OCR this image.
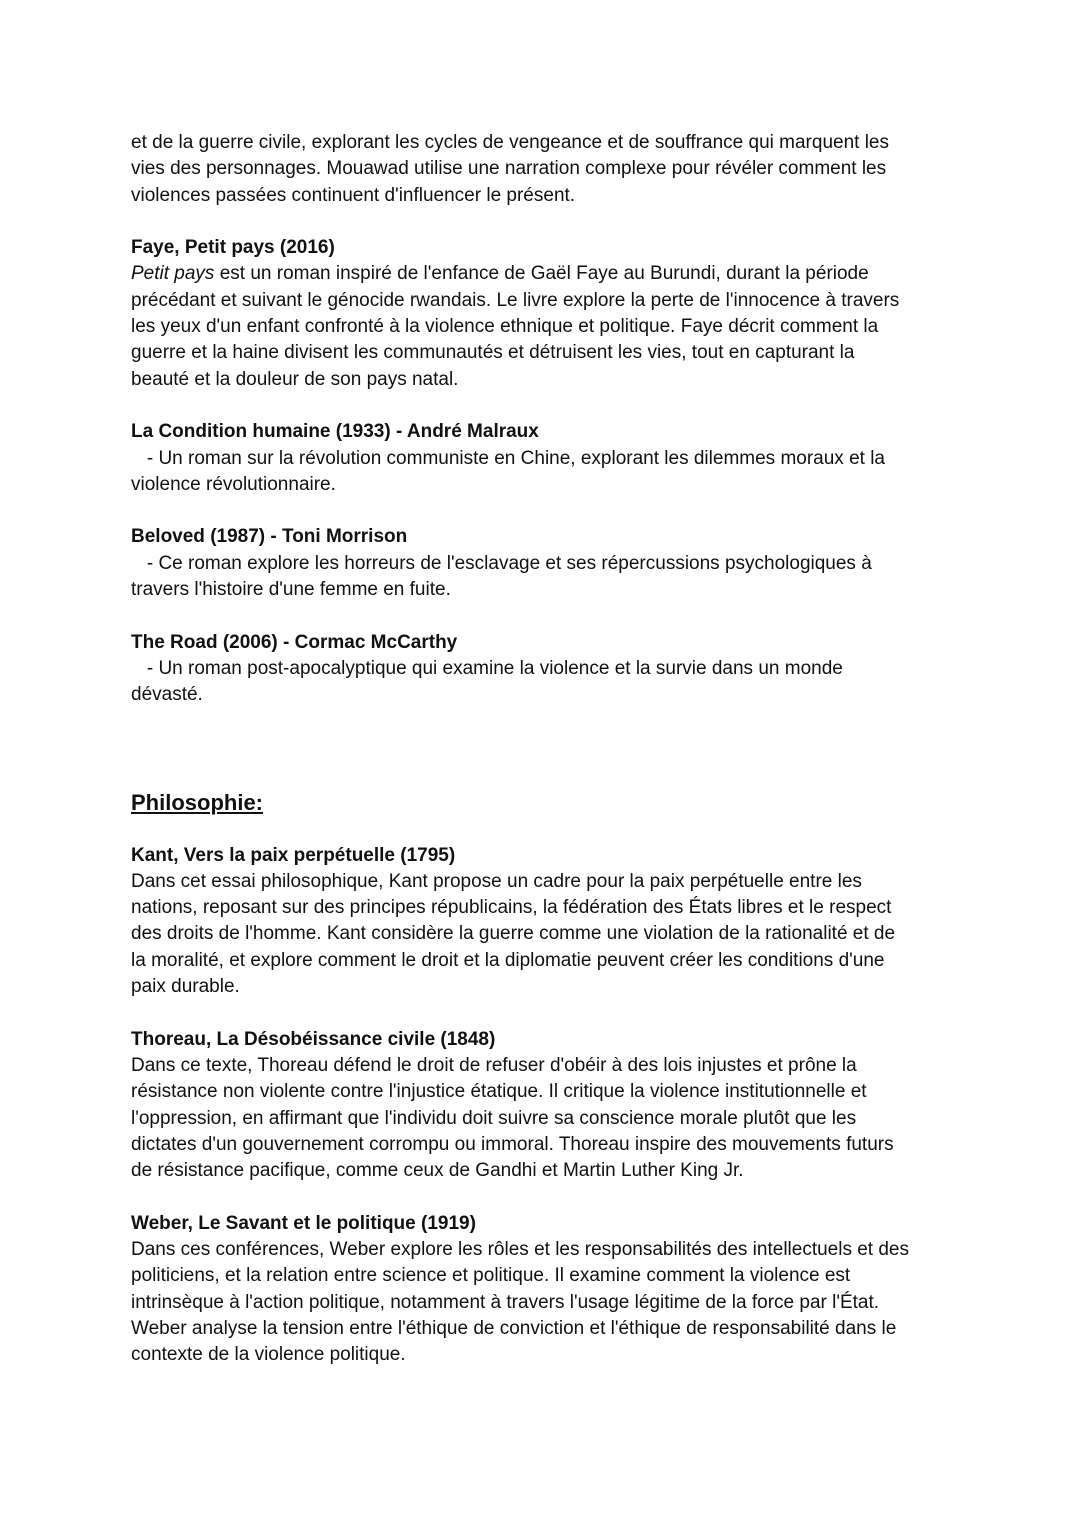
et de la guerre civile, explorant les cycles de vengeance et de souffrance qui marquent les
vies des personnages. Mouawad utilise une narration complexe pour révéler comment les
violences passées continuent d'influencer le présent.
Faye, Petit pays (2016)
Petit pays est un roman inspiré de l'enfance de Gaël Faye au Burundi, durant la période
précédant et suivant le génocide rwandais. Le livre explore la perte de l'innocence à travers
les yeux d'un enfant confronté à la violence ethnique et politique. Faye décrit comment la
guerre et la haine divisent les communautés et détruisent les vies, tout en capturant la
beauté et la douleur de son pays natal.
La Condition humaine (1933) - André Malraux
- Un roman sur la révolution communiste en Chine, explorant les dilemmes moraux et la
violence révolutionnaire.
Beloved (1987) - Toni Morrison
- Ce roman explore les horreurs de l'esclavage et ses répercussions psychologiques à
travers l'histoire d'une femme en fuite.
The Road (2006) - Cormac McCarthy
- Un roman post-apocalyptique qui examine la violence et la survie dans un monde
dévasté.
Philosophie:
Kant, Vers la paix perpétuelle (1795)
Dans cet essai philosophique, Kant propose un cadre pour la paix perpétuelle entre les
nations, reposant sur des principes républicains, la fédération des États libres et le respect
des droits de l'homme. Kant considère la guerre comme une violation de la rationalité et de
la moralité, et explore comment le droit et la diplomatie peuvent créer les conditions d'une
paix durable.
Thoreau, La Désobéissance civile (1848)
Dans ce texte, Thoreau défend le droit de refuser d'obéir à des lois injustes et prône la
résistance non violente contre l'injustice étatique. Il critique la violence institutionnelle et
l'oppression, en affirmant que l'individu doit suivre sa conscience morale plutôt que les
dictates d'un gouvernement corrompu ou immoral. Thoreau inspire des mouvements futurs
de résistance pacifique, comme ceux de Gandhi et Martin Luther King Jr.
Weber, Le Savant et le politique (1919)
Dans ces conférences, Weber explore les rôles et les responsabilités des intellectuels et des
politiciens, et la relation entre science et politique. Il examine comment la violence est
intrinsèque à l'action politique, notamment à travers l'usage légitime de la force par l'État.
Weber analyse la tension entre l'éthique de conviction et l'éthique de responsabilité dans le
contexte de la violence politique.
